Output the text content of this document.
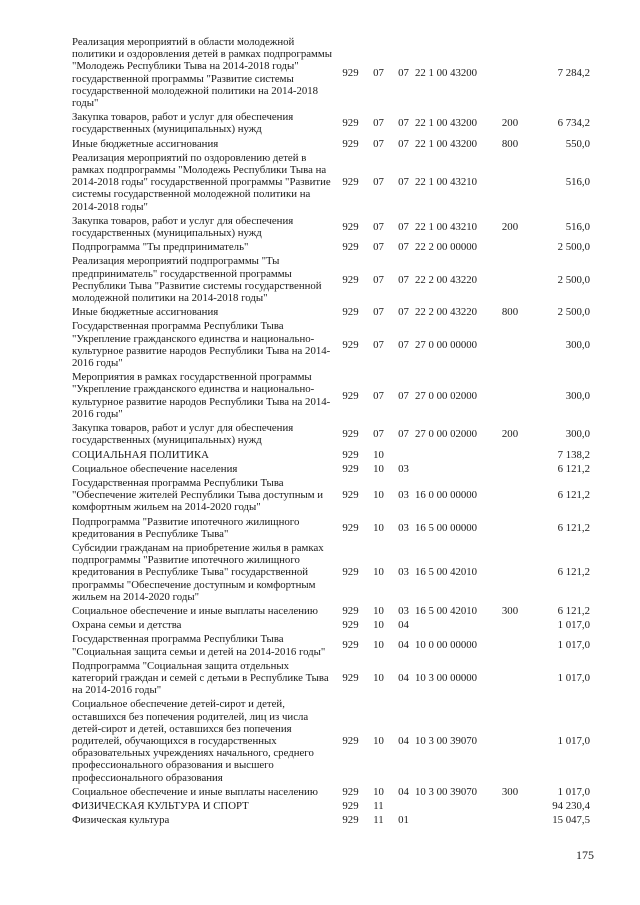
Реализация мероприятий в области молодежной политики и оздоровления детей в рамках подпрограммы "Молодежь Республики Тыва на 2014-2018 годы" государственной программы "Развитие системы государственной молодежной политики на 2014-2018 годы"	929	07	07	22 1 00 43200		7 284,2
Закупка товаров, работ и услуг для обеспечения государственных (муниципальных) нужд	929	07	07	22 1 00 43200	200	6 734,2
Иные бюджетные ассигнования	929	07	07	22 1 00 43200	800	550,0
Реализация мероприятий по оздоровлению детей в рамках подпрограммы "Молодежь Республики Тыва на 2014-2018 годы" государственной программы "Развитие системы государственной молодежной политики на 2014-2018 годы"	929	07	07	22 1 00 43210		516,0
Закупка товаров, работ и услуг для обеспечения государственных (муниципальных) нужд	929	07	07	22 1 00 43210	200	516,0
Подпрограмма "Ты предприниматель"	929	07	07	22 2 00 00000		2 500,0
Реализация мероприятий подпрограммы "Ты предприниматель" государственной программы Республики Тыва "Развитие системы государственной молодежной политики на 2014-2018 годы"	929	07	07	22 2 00 43220		2 500,0
Иные бюджетные ассигнования	929	07	07	22 2 00 43220	800	2 500,0
Государственная программа Республики Тыва "Укрепление гражданского единства и национально-культурное развитие народов Республики Тыва на 2014-2016 годы"	929	07	07	27 0 00 00000		300,0
Мероприятия в рамках государственной программы "Укрепление гражданского единства и национально-культурное развитие народов Республики Тыва на 2014-2016 годы"	929	07	07	27 0 00 02000		300,0
Закупка товаров, работ и услуг для обеспечения государственных (муниципальных) нужд	929	07	07	27 0 00 02000	200	300,0
СОЦИАЛЬНАЯ ПОЛИТИКА	929	10				7 138,2
Социальное обеспечение населения	929	10	03			6 121,2
Государственная программа Республики Тыва "Обеспечение жителей Республики Тыва доступным и комфортным жильем на 2014-2020 годы"	929	10	03	16 0 00 00000		6 121,2
Подпрограмма "Развитие ипотечного жилищного кредитования в Республике Тыва"	929	10	03	16 5 00 00000		6 121,2
Субсидии гражданам на приобретение жилья в рамках подпрограммы "Развитие ипотечного жилищного кредитования в Республике Тыва" государственной программы "Обеспечение доступным и комфортным жильем на 2014-2020 годы"	929	10	03	16 5 00 42010		6 121,2
Социальное обеспечение и иные выплаты населению	929	10	03	16 5 00 42010	300	6 121,2
Охрана семьи и детства	929	10	04			1 017,0
Государственная программа Республики Тыва "Социальная защита семьи и детей на 2014-2016 годы"	929	10	04	10 0 00 00000		1 017,0
Подпрограмма "Социальная защита отдельных категорий граждан и семей с детьми в Республике Тыва на 2014-2016 годы"	929	10	04	10 3 00 00000		1 017,0
Социальное обеспечение детей-сирот и детей, оставшихся без попечения родителей, лиц из числа детей-сирот и детей, оставшихся без попечения родителей, обучающихся в государственных образовательных учреждениях начального, среднего профессионального образования и высшего профессионального образования	929	10	04	10 3 00 39070		1 017,0
Социальное обеспечение и иные выплаты населению	929	10	04	10 3 00 39070	300	1 017,0
ФИЗИЧЕСКАЯ КУЛЬТУРА И СПОРТ	929	11				94 230,4
Физическая культура	929	11	01			15 047,5
175
